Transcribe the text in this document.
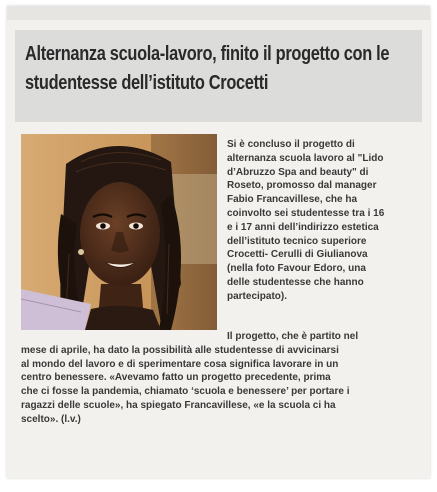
Alternanza scuola-lavoro, finito il progetto con le studentesse dell’istituto Crocetti
Si è concluso il progetto di
alternanza scuola lavoro al "Lido
d’Abruzzo Spa and beauty" di
Roseto, promosso dal manager
Fabio Francavillese, che ha
coinvolto sei studentesse tra i 16
e i 17 anni dell’indirizzo estetica
dell’istituto tecnico superiore
Crocetti- Cerulli di Giulianova
(nella foto Favour Edoro, una
delle studentesse che hanno
partecipato).
Il progetto, che è partito nel
mese di aprile, ha dato la possibilità alle studentesse di avvicinarsi
al mondo del lavoro e di sperimentare cosa significa lavorare in un
centro benessere. «Avevamo fatto un progetto precedente, prima
che ci fosse la pandemia, chiamato ‘scuola e benessere’ per portare i
ragazzi delle scuole», ha spiegato Francavillese, «e la scuola ci ha
scelto». (l.v.)
